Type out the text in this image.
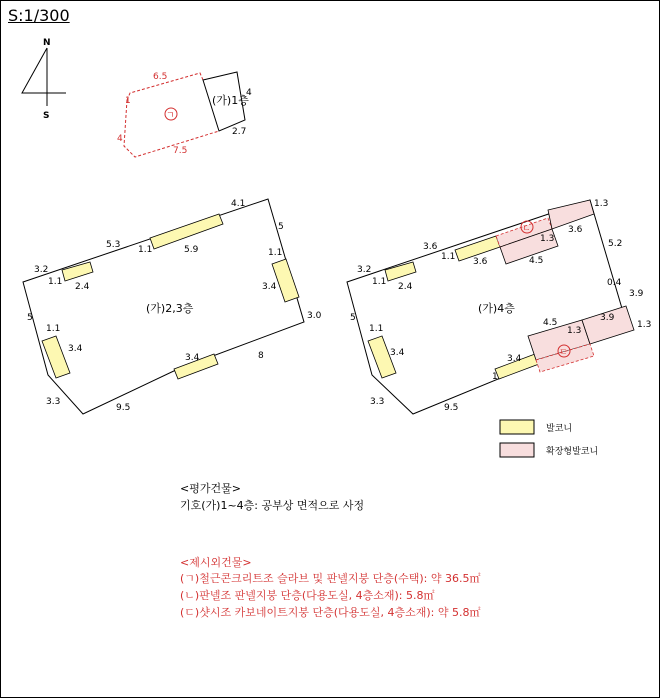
S:1/300
N
S
6.5
1
4
7.5
4
2.7
ㄱ
(가)1층
4.1
5
5.3 1.1	5.9
3.2
1.1 2.4
1.1
3.4
3.0
5
1.1
3.4
3.4	8
3.3
9.5
(가)2,3층
1.3
3.6
1.3
3.6
5.2
1.1 3.6	4.5
3.2
1.1 2.4	0.4
3.9
5
1.1
3.4
4.5
1.3
3.9
1.3
3.4
1
3.3
9.5
ㄴ
ㄷ
(가)4층
발코니
확장형발코니
<평가건물>
기호(가)1~4층: 공부상 면적으로 사정
<제시외건물>
(ㄱ)철근콘크리트조 슬라브 및 판넬지붕 단층(수택): 약 36.5㎡
(ㄴ)판넬조 판넬지붕 단층(다용도실, 4층소재): 5.8㎡
(ㄷ)샷시조 카보네이트지붕 단층(다용도실, 4층소재): 약 5.8㎡
